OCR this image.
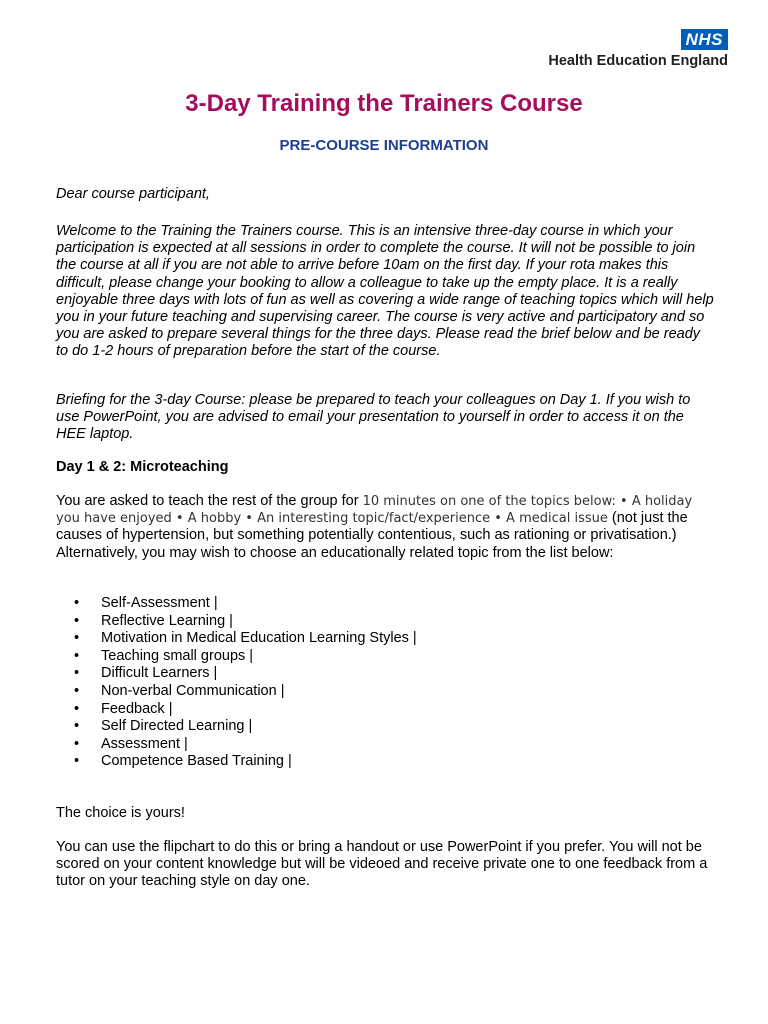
NHS
Health Education England
3-Day Training the Trainers Course
PRE-COURSE INFORMATION

Dear course participant,

Welcome to the Training the Trainers course. This is an intensive three-day course in which your participation is expected at all sessions in order to complete the course. It will not be possible to join the course at all if you are not able to arrive before 10am on the first day. If your rota makes this difficult, please change your booking to allow a colleague to take up the empty place. It is a really enjoyable three days with lots of fun as well as covering a wide range of teaching topics which will help you in your future teaching and supervising career. The course is very active and participatory and so you are asked to prepare several things for the three days. Please read the brief below and be ready to do 1-2 hours of preparation before the start of the course.

Briefing for the 3-day Course: please be prepared to teach your colleagues on Day 1. If you wish to use PowerPoint, you are advised to email your presentation to yourself in order to access it on the HEE laptop.

Day 1 & 2: Microteaching

You are asked to teach the rest of the group for 10 minutes on one of the topics below: • A holiday you have enjoyed • A hobby • An interesting topic/fact/experience • A medical issue (not just the causes of hypertension, but something potentially contentious, such as rationing or privatisation.) Alternatively, you may wish to choose an educationally related topic from the list below:

• Self-Assessment |
• Reflective Learning |
• Motivation in Medical Education Learning Styles |
• Teaching small groups |
• Difficult Learners |
• Non-verbal Communication |
• Feedback |
• Self Directed Learning |
• Assessment |
• Competence Based Training |

The choice is yours!

You can use the flipchart to do this or bring a handout or use PowerPoint if you prefer. You will not be scored on your content knowledge but will be videoed and receive private one to one feedback from a tutor on your teaching style on day one.
